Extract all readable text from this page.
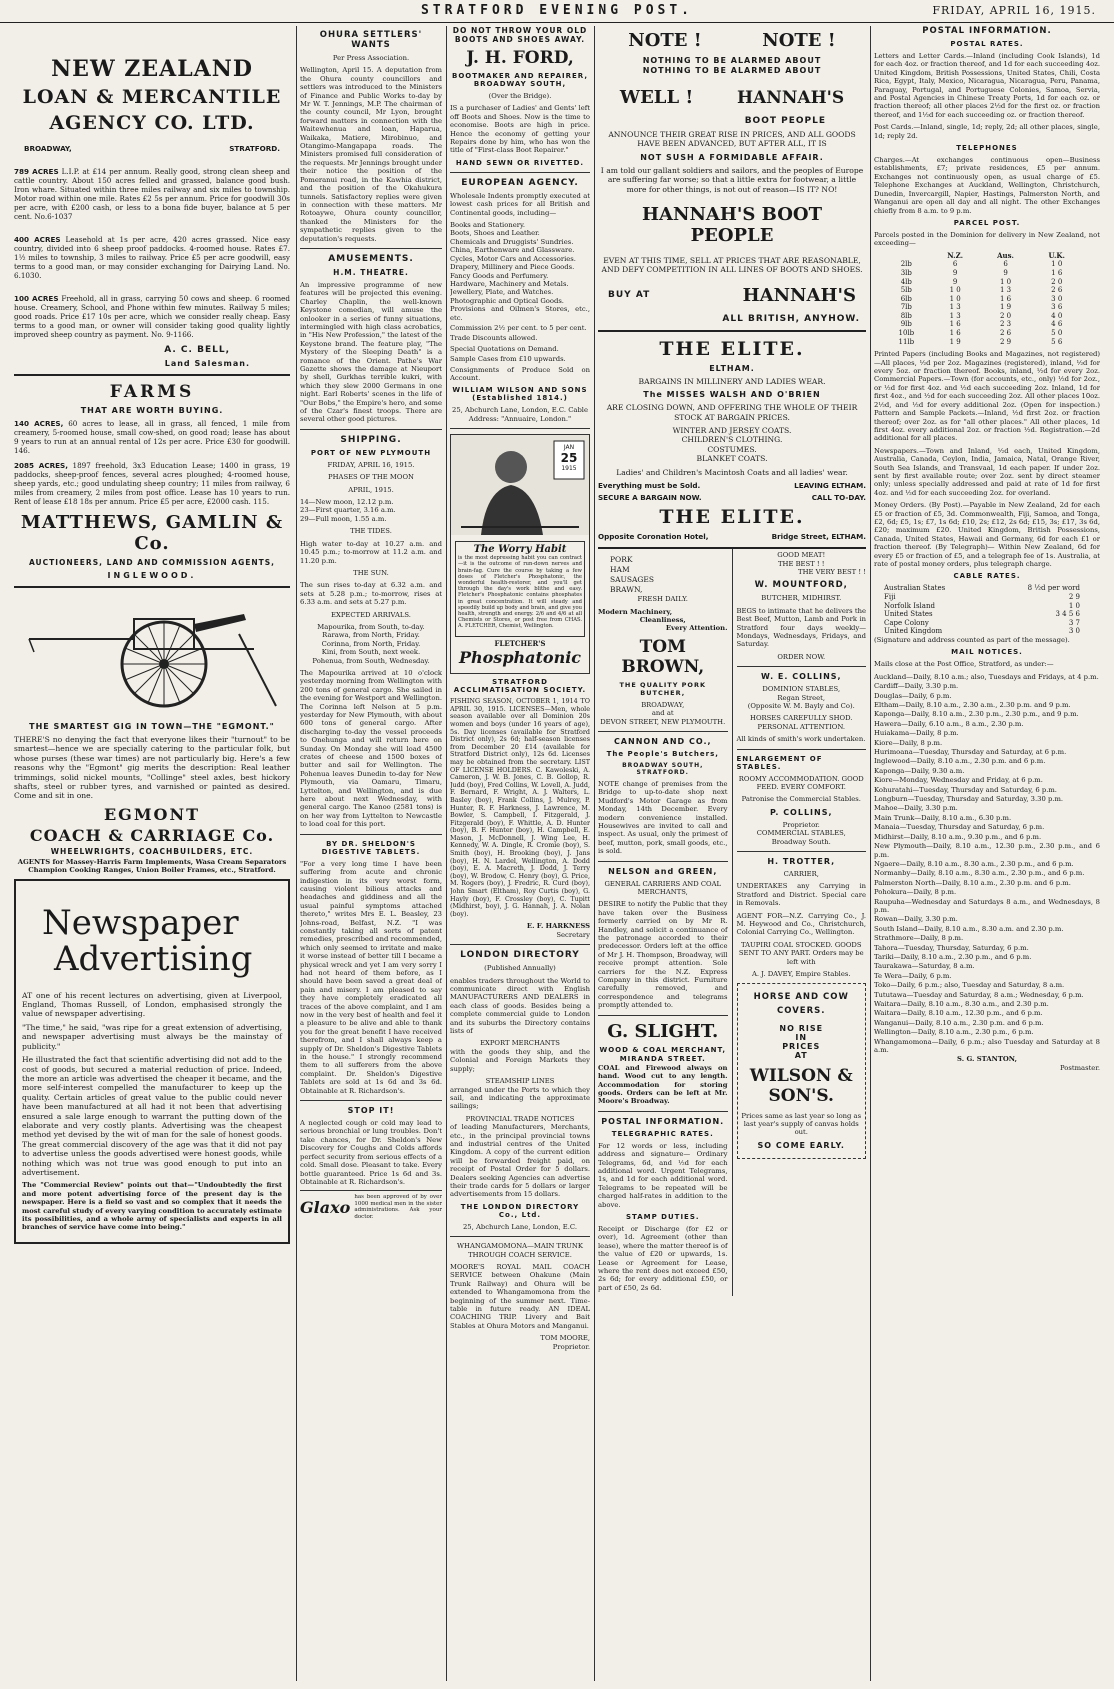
STRATFORD EVENING POST.	FRIDAY, APRIL 16, 1915.
NEW ZEALAND
LOAN & MERCANTILE
AGENCY CO. LTD.
BROADWAY,	STRATFORD.
789 ACRES L.I.P. at £14 per annum. Really good, strong clean sheep and cattle country. About 150 acres felled and grassed, balance good bush. Iron whare. Situated within three miles railway and six miles to township. Motor road within one mile. Rates £2 5s per annum. Price for goodwill 30s per acre, with £200 cash, or less to a bona fide buyer, balance at 5 per cent. No.6-1037
400 ACRES Leasehold at 1s per acre, 420 acres grassed. Nice easy country, divided into 6 sheep proof paddocks. 4-roomed house. Rates £7. 1½ miles to township, 3 miles to railway. Price £5 per acre goodwill, easy terms to a good man, or may consider exchanging for Dairying Land. No. 6.1030.
100 ACRES Freehold, all in grass, carrying 50 cows and sheep. 6 roomed house. Creamery, School, and Phone within few minutes. Railway 5 miles; good roads. Price £17 10s per acre, which we consider really cheap. Easy terms to a good man, or owner will consider taking good quality lightly improved sheep country as payment. No. 9-1166.
A. C. BELL,
Land Salesman.
FARMS
THAT ARE WORTH BUYING.
140 ACRES, 60 acres to lease, all in grass, all fenced, 1 mile from creamery, 5-roomed house, small cow-shed, on good road; lease has about 9 years to run at an annual rental of 12s per acre. Price £30 for goodwill. 146.
2085 ACRES, 1897 freehold, 3x3 Education Lease; 1400 in grass, 19 paddocks, sheep-proof fences, several acres ploughed; 4-roomed house, sheep yards, etc.; good undulating sheep country; 11 miles from railway, 6 miles from creamery, 2 miles from post office. Lease has 10 years to run. Rent of lease £18 18s per annum. Price £5 per acre, £2000 cash. 115.
MATTHEWS, GAMLIN & Co.
AUCTIONEERS, LAND AND COMMISSION AGENTS,
INGLEWOOD.
THE SMARTEST GIG IN TOWN—THE "EGMONT."

THERE'S no denying the fact that everyone likes their "turnout" to be smartest—hence we are specially catering to the particular folk, but whose purses (these war times) are not particularly big. Here's a few reasons why the "Egmont" gig merits the description: Real leather trimmings, solid nickel mounts, "Collinge" steel axles, best hickory shafts, steel or rubber tyres, and varnished or painted as desired. Come and sit in one.

EGMONT
COACH & CARRIAGE Co.
WHEELWRIGHTS, COACHBUILDERS, ETC.

AGENTS for Massey-Harris Farm Implements, Wasa Cream Separators Champion Cooking Ranges, Union Boiler Frames, etc., Stratford.

Newspaper
Advertising

AT one of his recent lectures on advertising, given at Liverpool, England, Thomas Russell, of London, emphasised strongly the value of newspaper advertising.

"The time," he said, "was ripe for a great extension of advertising, and newspaper advertising must always be the mainstay of publicity."

He illustrated the fact that scientific advertising did not add to the cost of goods, but secured a material reduction of price. Indeed, the more an article was advertised the cheaper it became, and the more self-interest compelled the manufacturer to keep up the quality. Certain articles of great value to the public could never have been manufactured at all had it not been that advertising ensured a sale large enough to warrant the putting down of the elaborate and very costly plants. Advertising was the cheapest method yet devised by the wit of man for the sale of honest goods. The great commercial discovery of the age was that it did not pay to advertise unless the goods advertised were honest goods, while nothing which was not true was good enough to put into an advertisement.

The "Commercial Review" points out that—"Undoubtedly the first and more potent advertising force of the present day is the newspaper. Here is a field so vast and so complex that it needs the most careful study of every varying condition to accurately estimate its possibilities, and a whole army of specialists and experts in all branches of service have come into being."

OHURA SETTLERS' WANTS

Per Press Association.

Wellington, April 15. A deputation from the Ohura county councillors and settlers was introduced to the Ministers of Finance and Public Works to-day by Mr W. T. Jennings, M.P. The chairman of the county council, Mr Lyon, brought forward matters in connection with the Waitewhenua and loan, Haparua, Waikaka, Matiere, Mirobinuo, and Otangimo-Mangapapa roads. The Ministers promised full consideration of the requests. Mr Jennings brought under their notice the position of the Pomeranui road, in the Kawhia district, and the position of the Okahukura tunnels. Satisfactory replies were given in connection with these matters. Mr Rotoaywe, Ohura county councillor, thanked the Ministers for the sympathetic replies given to the deputation's requests.

AMUSEMENTS.
H.M. THEATRE.

An impressive programme of new features will be projected this evening. Charley Chaplin, the well-known Keystone comedian, will amuse the onlooker in a series of funny situations, intermingled with high class acrobatics, in "His New Profession," the latest of the Keystone brand. The feature play, "The Mystery of the Sleeping Death" is a romance of the Orient. Pathe's War Gazette shows the damage at Nieuport by shell, Gurkhas terrible kukri, with which they slew 2000 Germans in one night. Earl Roberts' scenes in the life of "Our Bobs," the Empire's hero, and some of the Czar's finest troops. There are several other good pictures.

SHIPPING.
PORT OF NEW PLYMOUTH

FRIDAY, APRIL 16, 1915.

PHASES OF THE MOON

APRIL, 1915.

14—New moon, 12.12 p.m.

23—First quarter, 3.16 a.m.

29—Full moon, 1.55 a.m.

THE TIDES.

High water to-day at 10.27 a.m. and 10.45 p.m.; to-morrow at 11.2 a.m. and 11.20 p.m.

THE SUN.

The sun rises to-day at 6.32 a.m. and sets at 5.28 p.m.; to-morrow, rises at 6.33 a.m. and sets at 5.27 p.m.

EXPECTED ARRIVALS.

Mapourika, from South, to-day.

Rarawa, from North, Friday.

Corinna, from North, Friday.

Kini, from South, next week.

Pohenua, from South, Wednesday.

The Mapourika arrived at 10 o'clock yesterday morning from Wellington with 200 tons of general cargo. She sailed in the evening for Westport and Wellington. The Corinna left Nelson at 5 p.m. yesterday for New Plymouth, with about 600 tons of general cargo. After discharging to-day the vessel proceeds to Onehunga and will return here on Sunday. On Monday she will load 4500 crates of cheese and 1500 boxes of butter and sail for Wellington. The Pohenua leaves Dunedin to-day for New Plymouth, via Oamaru, Timaru, Lyttelton, and Wellington, and is due here about next Wednesday, with general cargo. The Kanoo (2581 tons) is on her way from Lyttelton to Newcastle to load coal for this port.

BY DR. SHELDON'S DIGESTIVE TABLETS.

"For a very long time I have been suffering from acute and chronic indigestion in its very worst form, causing violent bilious attacks and headaches and giddiness and all the usual painful symptoms attached thereto," writes Mrs E. L. Beasley, 23 Johns-road, Belfast, N.Z. "I was constantly taking all sorts of patent remedies, prescribed and recommended, which only seemed to irritate and make it worse instead of better till I became a physical wreck and yet I am very sorry I had not heard of them before, as I should have been saved a great deal of pain and misery. I am pleased to say they have completely eradicated all traces of the above complaint, and I am now in the very best of health and feel it a pleasure to be alive and able to thank you for the great benefit I have received therefrom, and I shall always keep a supply of Dr. Sheldon's Digestive Tablets in the house." I strongly recommend them to all sufferers from the above complaint. Dr. Sheldon's Digestive Tablets are sold at 1s 6d and 3s 6d. Obtainable at R. Richardson's.

STOP IT!

A neglected cough or cold may lead to serious bronchial or lung troubles. Don't take chances, for Dr. Sheldon's New Discovery for Coughs and Colds affords perfect security from serious effects of a cold. Small dose. Pleasant to take. Every bottle guaranteed. Price 1s 6d and 3s. Obtainable at R. Richardson's.

Glaxo

has been approved of by over 1000 medical men in the sister administrations. Ask your doctor.

DO NOT THROW YOUR OLD BOOTS AND SHOES AWAY.
J. H. FORD,
BOOTMAKER AND REPAIRER, BROADWAY SOUTH,

(Over the Bridge).

IS a purchaser of Ladies' and Gents' left off Boots and Shoes. Now is the time to economise. Boots are high in price. Hence the economy of getting your Repairs done by him, who has won the title of "First-class Boot Repairer."

HAND SEWN OR RIVETTED.
EUROPEAN AGENCY.

Wholesale Indents promptly executed at lowest cash prices for all British and Continental goods, including—

Books and Stationery.

Boots, Shoes and Leather.

Chemicals and Druggists' Sundries.

China, Earthenware and Glassware.

Cycles, Motor Cars and Accessories.

Drapery, Millinery and Piece Goods.

Fancy Goods and Perfumery.

Hardware, Machinery and Metals.

Jewellery, Plate, and Watches.

Photographic and Optical Goods.

Provisions and Oilmen's Stores, etc., etc.

Commission 2½ per cent. to 5 per cent.

Trade Discounts allowed.

Special Quotations on Demand.

Sample Cases from £10 upwards.

Consignments of Produce Sold on Account.

WILLIAM WILSON AND SONS (Established 1814.)

25, Abchurch Lane, London, E.C. Cable Address: "Annuaire, London."

JAN
25
1915
The Worry Habit

is the most depressing habit you can contract—it is the outcome of run-down nerves and brain-fag. Cure the course by taking a few doses of Fletcher's Phosphatonic, the wonderful health-restorer, and you'll get through the day's work blithe and easy. Fletcher's Phosphatonic contains phosphates in great concentration. It will steady and speedily build up body and brain, and give you health, strength and energy. 2/6 and 4/6 at all Chemists or Stores, or post free from CHAS. A. FLETCHER, Chemist, Wellington.

FLETCHER'S
Phosphatonic
STRATFORD ACCLIMATISATION SOCIETY.

FISHING SEASON, OCTOBER 1, 1914 TO APRIL 30, 1915. LICENSES—Men, whole season available over all Dominion 20s women and boys (under 16 years of age), 5s. Day licenses (available for Stratford District only), 2s 6d; half-season licenses from December 20 £14 (available for Stratford District only), 12s 6d. Licenses may be obtained from the secretary. LIST OF LICENSE HOLDERS. C. Kawoleski, A. Cameron, J. W. B. Jones, C. B. Gollop, R. Judd (boy), Fred Collins, W. Lovell, A. Judd, F. Bernard, F. Wright, A. J. Walters, L. Basley (boy), Frank Collins, J. Mulrey, P. Hunter, R. F. Harkness, J. Lawrence, M. Bowler, S. Campbell, I. Fitzgerald, J. Fitzgerald (boy), F. Whittle, A. D. Hunter (boy), B. F. Hunter (boy), H. Campbell, E. Mason, J. McDonnell, J. Wing Lee, H. Kennedy, W. A. Dingle, R. Cromie (boy), S. Smith (boy), H. Brooking (boy), J. Jans (boy), H. N. Lardel, Wellington, A. Dodd (boy), E. A. Macreth, J. Dodd, J. Terry (boy), W. Brodow, C. Henry (boy), G. Price, M. Rogers (boy), J. Fredric, R. Curd (boy), John Smart (Eltham), Roy Curtis (boy), G. Hayly (boy), F. Crossley (boy), C. Tupitt (Midhirst, boy), J. G. Hannah, J. A. Nolan (boy).

E. F. HARKNESS

Secretary

LONDON DIRECTORY

(Published Annually)

enables traders throughout the World to communicate direct with English MANUFACTURERS AND DEALERS in each class of goods. Besides being a complete commercial guide to London and its suburbs the Directory contains lists of

EXPORT MERCHANTS

with the goods they ship, and the Colonial and Foreign Markets they supply;

STEAMSHIP LINES

arranged under the Ports to which they sail, and indicating the approximate sailings;

PROVINCIAL TRADE NOTICES

of leading Manufacturers, Merchants, etc., in the principal provincial towns and industrial centres of the United Kingdom. A copy of the current edition will be forwarded freight paid, on receipt of Postal Order for 5 dollars. Dealers seeking Agencies can advertise their trade cards for 5 dollars or larger advertisements from 15 dollars.

THE LONDON DIRECTORY Co., Ltd.

25, Abchurch Lane, London, E.C.

WHANGAMOMONA—MAIN TRUNK THROUGH COACH SERVICE.

MOORE'S ROYAL MAIL COACH SERVICE between Ohakune (Main Trunk Railway) and Ohura will be extended to Whangamomona from the beginning of the summer next. Time-table in future ready. AN IDEAL COACHING TRIP. Livery and Bait Stables at Ohura Motors and Manganui.

TOM MOORE,

Proprietor.

NOTE !	NOTE !
NOTHING TO BE ALARMED ABOUT
NOTHING TO BE ALARMED ABOUT
WELL !	HANNAH'S
BOOT PEOPLE

ANNOUNCE THEIR GREAT RISE IN PRICES, AND ALL GOODS HAVE BEEN ADVANCED, BUT AFTER ALL, IT IS

NOT SUSH A FORMIDABLE AFFAIR.

I am told our gallant soldiers and sailors, and the peoples of Europe are suffering far worse; so that a little extra for footwear, a little more for other things, is not out of reason—IS IT? NO!

HANNAH'S BOOT PEOPLE

EVEN AT THIS TIME, SELL AT PRICES THAT ARE REASONABLE, AND DEFY COMPETITION IN ALL LINES OF BOOTS AND SHOES.

BUY AT	HANNAH'S
ALL BRITISH, ANYHOW.
THE ELITE.
ELTHAM.

BARGAINS IN MILLINERY AND LADIES WEAR.

The MISSES WALSH AND O'BRIEN

ARE CLOSING DOWN, AND OFFERING THE WHOLE OF THEIR STOCK AT BARGAIN PRICES.

WINTER AND JERSEY COATS.

CHILDREN'S CLOTHING.

COSTUMES.

BLANKET COATS.

Ladies' and Children's Macintosh Coats and all ladies' wear.

Everything must be Sold.	LEAVING ELTHAM.
SECURE A BARGAIN NOW.	CALL TO-DAY.
THE ELITE.
Opposite Coronation Hotel,	Bridge Street, ELTHAM.
PORK
HAM
SAUSAGES
BRAWN,

FRESH DAILY.

Modern Machinery,

Cleanliness,

Every Attention.

TOM BROWN,
THE QUALITY PORK BUTCHER,

BROADWAY,

and at

DEVON STREET, NEW PLYMOUTH.

CANNON AND CO.,
The People's Butchers,
BROADWAY SOUTH, STRATFORD.

NOTE change of premises from the Bridge to up-to-date shop next Mudford's Motor Garage as from Monday, 14th December. Every modern convenience installed. Housewives are invited to call and inspect. As usual, only the primest of beef, mutton, pork, small goods, etc., is sold.

NELSON and GREEN,

GENERAL CARRIERS AND COAL MERCHANTS,

DESIRE to notify the Public that they have taken over the Business formerly carried on by Mr R. Handley, and solicit a continuance of the patronage accorded to their predecessor. Orders left at the office of Mr J. H. Thompson, Broadway, will receive prompt attention. Sole carriers for the N.Z. Express Company in this district. Furniture carefully removed, and correspondence and telegrams promptly attended to.

G. SLIGHT.
WOOD & COAL MERCHANT,
MIRANDA STREET.

COAL and Firewood always on hand. Wood cut to any length. Accommodation for storing goods. Orders can be left at Mr. Moore's Broadway.

POSTAL INFORMATION.
TELEGRAPHIC RATES.

For 12 words or less, including address and signature— Ordinary Telegrams, 6d, and ½d for each additional word. Urgent Telegrams, 1s, and 1d for each additional word. Telegrams to be repeated will be charged half-rates in addition to the above.

STAMP DUTIES.

Receipt or Discharge (for £2 or over), 1d. Agreement (other than lease), where the matter thereof is of the value of £20 or upwards, 1s. Lease or Agreement for Lease, where the rent does not exceed £50, 2s 6d; for every additional £50, or part of £50, 2s 6d.

GOOD MEAT!

THE BEST ! !

THE VERY BEST ! !

W. MOUNTFORD,

BUTCHER, MIDHIRST.

BEGS to intimate that he delivers the Best Beef, Mutton, Lamb and Pork in Stratford four days weekly—Mondays, Wednesdays, Fridays, and Saturday.

ORDER NOW.

W. E. COLLINS,

DOMINION STABLES,

Regan Street,

(Opposite W. M. Bayly and Co).

HORSES CAREFULLY SHOD. PERSONAL ATTENTION.

All kinds of smith's work undertaken.

ENLARGEMENT OF STABLES.

ROOMY ACCOMMODATION. GOOD FEED. EVERY COMFORT.

Patronise the Commercial Stables.

P. COLLINS,

Proprietor.

COMMERCIAL STABLES,

Broadway South.

H. TROTTER,

CARRIER,

UNDERTAKES any Carrying in Stratford and District. Special care in Removals.

AGENT FOR—N.Z. Carrying Co., J. M. Heywood and Co., Christchurch, Colonial Carrying Co., Wellington.

TAUPIRI COAL STOCKED. GOODS SENT TO ANY PART. Orders may be left with

A. J. DAVEY, Empire Stables.

HORSE AND COW
COVERS.
NO RISE
IN
PRICES
AT
WILSON &
SON'S.

Prices same as last year so long as last year's supply of canvas holds out.

SO COME EARLY.
POSTAL INFORMATION.
POSTAL RATES.

Letters and Letter Cards.—Inland (including Cook Islands), 1d for each 4oz. or fraction thereof, and 1d for each succeeding 4oz. United Kingdom, British Possessions, United States, Chili, Costa Rica, Egypt, Italy, Mexico, Nicaragua, Nicaragua, Peru, Panama, Paraguay, Portugal, and Portuguese Colonies, Samoa, Servia, and Postal Agencies in Chinese Treaty Ports, 1d for each oz. or fraction thereof; all other places 2½d for the first oz. or fraction thereof, and 1½d for each succeeding oz. or fraction thereof.

Post Cards.—Inland, single, 1d; reply, 2d; all other places, single, 1d; reply 2d.

TELEPHONES

Charges.—At exchanges continuous open—Business establishments, £7; private residences, £5 per annum. Exchanges not continuously open, as usual charge of £5. Telephone Exchanges at Auckland, Wellington, Christchurch, Dunedin, Invercargill, Napier, Hastings, Palmerston North, and Wanganui are open all day and all night. The other Exchanges chiefly from 8 a.m. to 9 p.m.

PARCEL POST.

Parcels posted in the Dominion for delivery in New Zealand, not exceeding—

	N.Z.	Aus.	U.K.
2lb	6	6	1 0
3lb	9	9	1 6
4lb	9	1 0	2 0
5lb	1 0	1 3	2 6
6lb	1 0	1 6	3 0
7lb	1 3	1 9	3 6
8lb	1 3	2 0	4 0
9lb	1 6	2 3	4 6
10lb	1 6	2 6	5 0
11lb	1 9	2 9	5 6

Printed Papers (including Books and Magazines, not registered)—All places, ½d per 2oz. Magazines (registered), inland, ½d for every 5oz. or fraction thereof. Books, inland, ½d for every 2oz. Commercial Papers.—Town (for accounts, etc., only) ½d for 2oz., or ½d for first 4oz. and ½d each succeeding 2oz. Inland, 1d for first 4oz., and ½d for each succeeding 2oz. All other places 10oz. 2½d, and ½d for every additional 2oz. (Open for inspection.) Pattern and Sample Packets.—Inland, ½d first 2oz. or fraction thereof; over 2oz. as for "all other places." All other places, 1d first 4oz. every additional 2oz. or fraction ½d. Registration.—2d additional for all places.

Newspapers.—Town and Inland, ½d each, United Kingdom, Australia, Canada, Ceylon, India, Jamaica, Natal, Orange River, South Sea Islands, and Transvaal, 1d each paper. If under 2oz. sent by first available route; over 2oz. sent by direct steamer only; unless specially addressed and paid at rate of 1d for first 4oz. and ½d for each succeeding 2oz. for overland.

Money Orders. (By Post).—Payable in New Zealand, 2d for each £5 or fraction of £5, 3d. Commonwealth, Fiji, Samoa, and Tonga, £2, 6d; £5, 1s; £7, 1s 6d; £10, 2s; £12, 2s 6d; £15, 3s; £17, 3s 6d, £20; maximum £20. United Kingdom, British Possessions, Canada, United States, Hawaii and Germany, 6d for each £1 or fraction thereof. (By Telegraph)— Within New Zealand, 6d for every £5 or fraction of £5, and a telegraph fee of 1s. Australia, at rate of postal money orders, plus telegraph charge.

CABLE RATES.
Australian States	8 ½d per word
Fiji	2 9
Norfolk Island	1 0
United States	3 4 5 6
Cape Colony	3 7
United Kingdom	3 0

(Signature and address counted as part of the message).

MAIL NOTICES.

Mails close at the Post Office, Stratford, as under:—

Auckland—Daily, 8.10 a.m.; also, Tuesdays and Fridays, at 4 p.m.

Cardiff—Daily, 3.30 p.m.

Douglas—Daily, 6 p.m.

Eltham—Daily, 8.10 a.m., 2.30 a.m., 2.30 p.m. and 9 p.m.

Kaponga—Daily, 8.10 a.m., 2.30 p.m., 2.30 p.m., and 9 p.m.

Hawera—Daily, 6.10 a.m., 8 a.m., 2.30 p.m.

Huiakama—Daily, 8 p.m.

Kiore—Daily, 8 p.m.

Hurimoana—Tuesday, Thursday and Saturday, at 6 p.m.

Inglewood—Daily, 8.10 a.m., 2.30 p.m. and 6 p.m.

Kaponga—Daily, 9.30 a.m.

Kiore—Monday, Wednesday and Friday, at 6 p.m.

Kohuratahi—Tuesday, Thursday and Saturday, 6 p.m.

Longburn—Tuesday, Thursday and Saturday, 3.30 p.m.

Mahoe—Daily, 3.30 p.m.

Main Trunk—Daily, 8.10 a.m., 6.30 p.m.

Manaia—Tuesday, Thursday and Saturday, 6 p.m.

Midhirst—Daily, 8.10 a.m., 9.30 p.m., and 6 p.m.

New Plymouth—Daily, 8.10 a.m., 12.30 p.m., 2.30 p.m., and 6 p.m.

Ngaere—Daily, 8.10 a.m., 8.30 a.m., 2.30 p.m., and 6 p.m.

Normanby—Daily, 8.10 a.m., 8.30 a.m., 2.30 p.m., and 6 p.m.

Palmerston North—Daily, 8.10 a.m., 2.30 p.m. and 6 p.m.

Pohokura—Daily, 8 p.m.

Raupuha—Wednesday and Saturdays 8 a.m., and Wednesdays, 8 p.m.

Rowan—Daily, 3.30 p.m.

South Island—Daily, 8.10 a.m., 8.30 a.m. and 2.30 p.m.

Strathmore—Daily, 8 p.m.

Tahora—Tuesday, Thursday, Saturday, 6 p.m.

Tariki—Daily, 8.10 a.m., 2.30 p.m., and 6 p.m.

Taurakawa—Saturday, 8 a.m.

Te Wera—Daily, 6 p.m.

Toko—Daily, 6 p.m.; also, Tuesday and Saturday, 8 a.m.

Tututawa—Tuesday and Saturday, 8 a.m.; Wednesday, 6 p.m.

Waitara—Daily, 8.10 a.m., 8.30 a.m., and 2.30 p.m.

Waitara—Daily, 8.10 a.m., 12.30 p.m., and 6 p.m.

Wanganui—Daily, 8.10 a.m., 2.30 p.m. and 6 p.m.

Wellington—Daily, 8.10 a.m., 2.30 p.m., 6 p.m.

Whangamomona—Daily, 6 p.m.; also Tuesday and Saturday at 8 a.m.

S. G. STANTON,

Postmaster.
